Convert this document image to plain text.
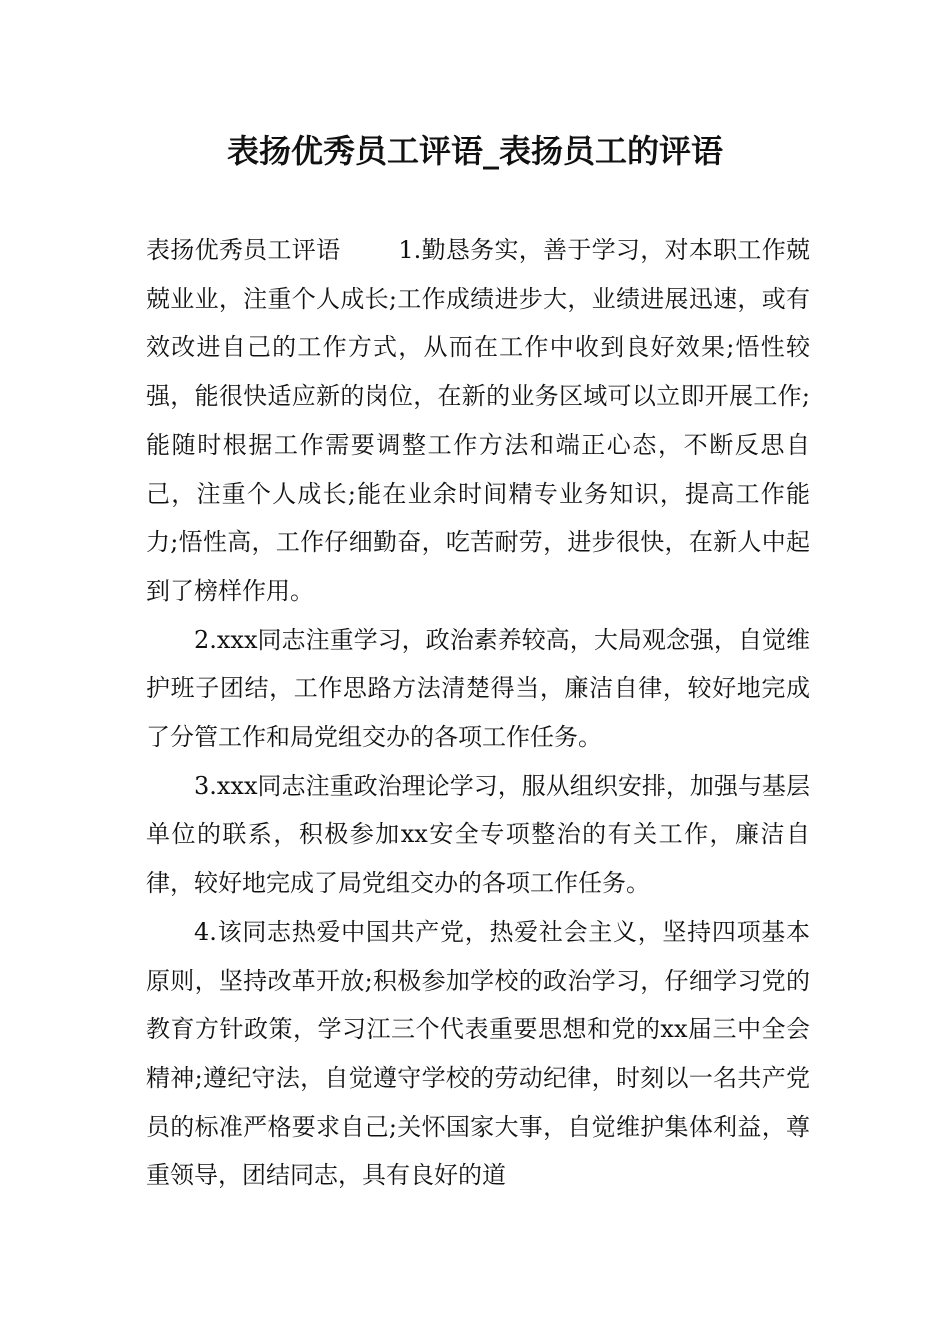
表扬优秀员工评语_表扬员工的评语

表扬优秀员工评语 1.勤恳务实，善于学习，对本职工作兢兢业业，注重个人成长;工作成绩进步大，业绩进展迅速，或有效改进自己的工作方式，从而在工作中收到良好效果;悟性较强，能很快适应新的岗位，在新的业务区域可以立即开展工作;能随时根据工作需要调整工作方法和端正心态，不断反思自己，注重个人成长;能在业余时间精专业务知识，提高工作能力;悟性高，工作仔细勤奋，吃苦耐劳，进步很快，在新人中起到了榜样作用。

2.xxx同志注重学习，政治素养较高，大局观念强，自觉维护班子团结，工作思路方法清楚得当，廉洁自律，较好地完成了分管工作和局党组交办的各项工作任务。

3.xxx同志注重政治理论学习，服从组织安排，加强与基层单位的联系，积极参加xx安全专项整治的有关工作，廉洁自律，较好地完成了局党组交办的各项工作任务。

4.该同志热爱中国共产党，热爱社会主义，坚持四项基本原则，坚持改革开放;积极参加学校的政治学习，仔细学习党的教育方针政策，学习江三个代表重要思想和党的xx届三中全会精神;遵纪守法，自觉遵守学校的劳动纪律，时刻以一名共产党员的标准严格要求自己;关怀国家大事，自觉维护集体利益，尊重领导，团结同志，具有良好的道
